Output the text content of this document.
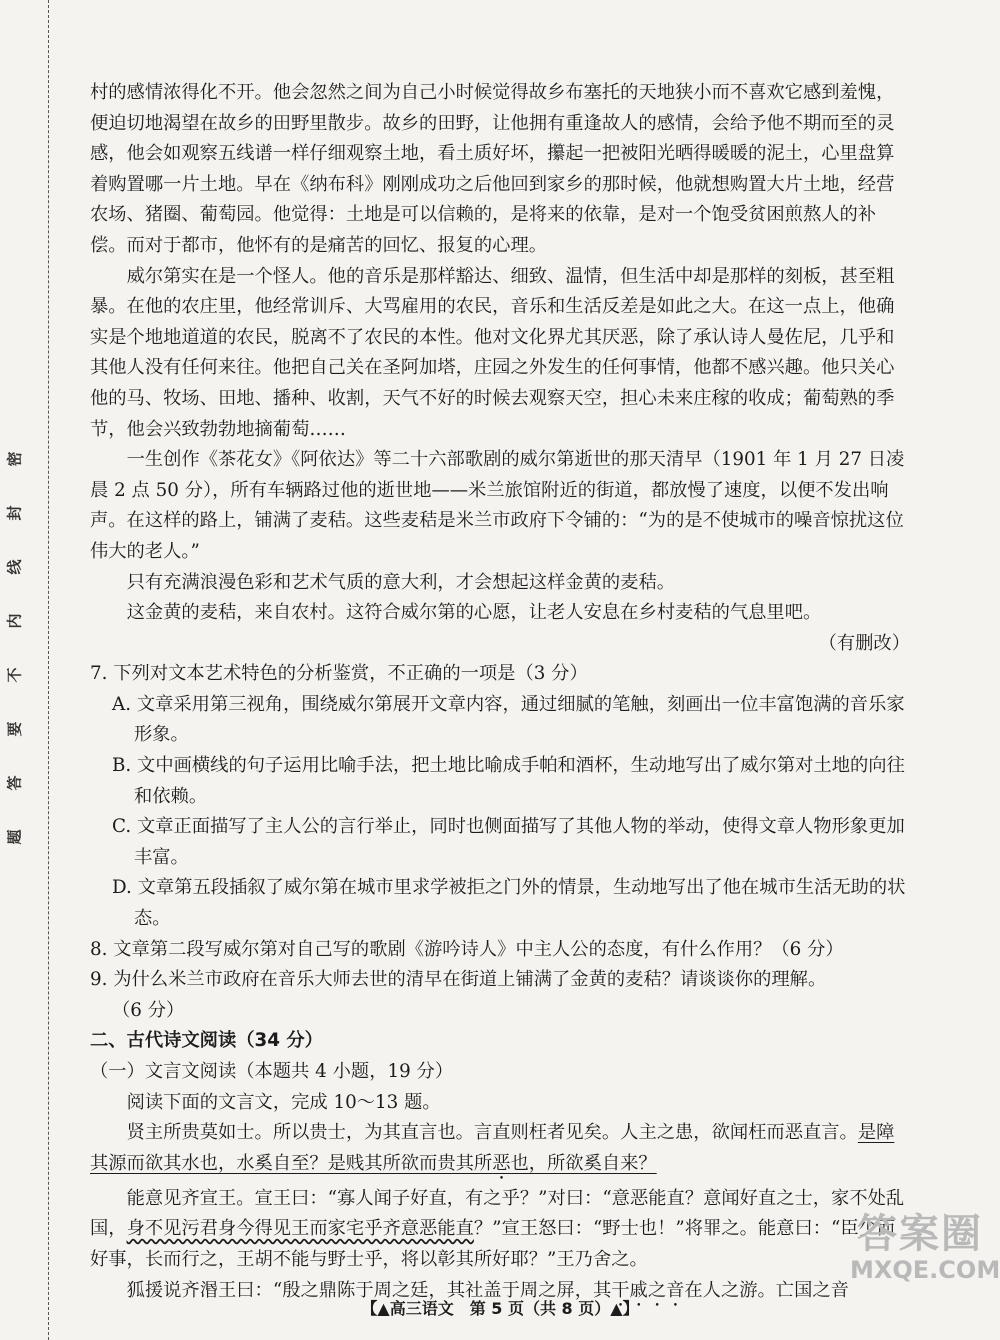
密
封
线
内
不
要
答
题

村的感情浓得化不开。他会忽然之间为自己小时候觉得故乡布塞托的天地狭小而不喜欢它感到羞愧，便迫切地渴望在故乡的田野里散步。故乡的田野，让他拥有重逢故人的感情，会给予他不期而至的灵感，他会如观察五线谱一样仔细观察土地，看土质好坏，攥起一把被阳光晒得暖暖的泥土，心里盘算着购置哪一片土地。早在《纳布科》刚刚成功之后他回到家乡的那时候，他就想购置大片土地，经营农场、猪圈、葡萄园。他觉得：土地是可以信赖的，是将来的依靠，是对一个饱受贫困煎熬人的补偿。而对于都市，他怀有的是痛苦的回忆、报复的心理。

威尔第实在是一个怪人。他的音乐是那样豁达、细致、温情，但生活中却是那样的刻板，甚至粗暴。在他的农庄里，他经常训斥、大骂雇用的农民，音乐和生活反差是如此之大。在这一点上，他确实是个地地道道的农民，脱离不了农民的本性。他对文化界尤其厌恶，除了承认诗人曼佐尼，几乎和其他人没有任何来往。他把自己关在圣阿加塔，庄园之外发生的任何事情，他都不感兴趣。他只关心他的马、牧场、田地、播种、收割，天气不好的时候去观察天空，担心未来庄稼的收成；葡萄熟的季节，他会兴致勃勃地摘葡萄……

一生创作《茶花女》《阿依达》等二十六部歌剧的威尔第逝世的那天清早（1901 年 1 月 27 日凌晨 2 点 50 分），所有车辆路过他的逝世地——米兰旅馆附近的街道，都放慢了速度，以便不发出响声。在这样的路上，铺满了麦秸。这些麦秸是米兰市政府下令铺的：“为的是不使城市的噪音惊扰这位伟大的老人。”

只有充满浪漫色彩和艺术气质的意大利，才会想起这样金黄的麦秸。

这金黄的麦秸，来自农村。这符合威尔第的心愿，让老人安息在乡村麦秸的气息里吧。

（有删改）

7. 下列对文本艺术特色的分析鉴赏，不正确的一项是（3 分）

A. 文章采用第三视角，围绕威尔第展开文章内容，通过细腻的笔触，刻画出一位丰富饱满的音乐家形象。

B. 文中画横线的句子运用比喻手法，把土地比喻成手帕和酒杯，生动地写出了威尔第对土地的向往和依赖。

C. 文章正面描写了主人公的言行举止，同时也侧面描写了其他人物的举动，使得文章人物形象更加丰富。

D. 文章第五段插叙了威尔第在城市里求学被拒之门外的情景，生动地写出了他在城市生活无助的状态。

8. 文章第二段写威尔第对自己写的歌剧《游吟诗人》中主人公的态度，有什么作用？（6 分）

9. 为什么米兰市政府在音乐大师去世的清早在街道上铺满了金黄的麦秸？请谈谈你的理解。

（6 分）

二、古代诗文阅读（34 分）

（一）文言文阅读（本题共 4 小题，19 分）

阅读下面的文言文，完成 10～13 题。

贤主所贵莫如士。所以贵士，为其直言也。言直则枉者见矣。人主之患，欲闻枉而恶直言。是障其源而欲其水也，水奚自至？是贱其所欲而贵其所恶也，所欲奚自来？

能意见齐宣王。宣王曰：“寡人闻子好直，有之乎？”对曰：“意恶能直？意闻好直之士，家不处乱国，身不见污君身今得见王而家宅乎齐意恶能直？”宣王怒曰：“野士也！”将罪之。能意曰：“臣少而好事，长而行之，王胡不能与野士乎，将以彰其所好耶？”王乃舍之。

狐援说齐湣王曰：“殷之鼎陈于周之廷，其社盖于周之屏，其干戚之音在人之游。亡国之音

【▲高三语文　第 5 页（共 8 页）▲】
答案圈
MXQE.COM
